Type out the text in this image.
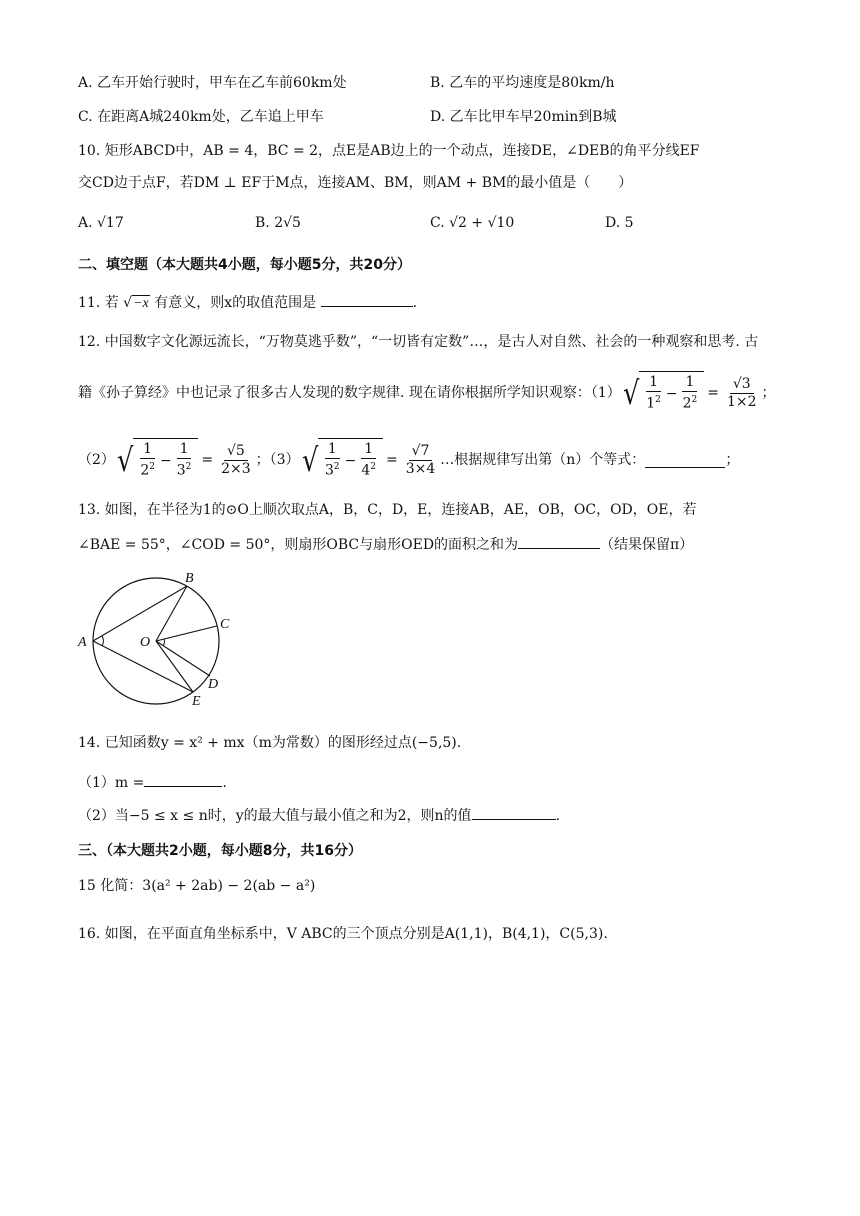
A. 乙车开始行驶时，甲车在乙车前60km处	B. 乙车的平均速度是80km/h
C. 在距离A城240km处，乙车追上甲车	D. 乙车比甲车早20min到B城
10. 矩形ABCD中，AB = 4，BC = 2，点E是AB边上的一个动点，连接DE，∠DEB的角平分线EF
交CD边于点F，若DM ⊥ EF于M点，连接AM、BM，则AM + BM的最小值是（　　）
A. √17	B. 2√5	C. √2 + √10	D. 5
二、填空题（本大题共4小题，每小题5分，共20分）
11. 若 √−x 有意义，则x的取值范围是	.
12. 中国数字文化源远流长，“万物莫逃乎数”，“一切皆有定数”…，是古人对自然、社会的一种观察和思考. 古
籍《孙子算经》中也记录了很多古人发现的数字规律. 现在请你根据所学知识观察：（1） √ $\frac{1}{1^2} - \frac{1}{2^2} = \frac{√3}{1\times 2}$ ；
（2） √ $\frac{1}{2^2} - \frac{1}{3^2} = \frac{√5}{2\times 3}$ ；（3） √ $\frac{1}{3^2} - \frac{1}{4^2} = \frac{√7}{3\times 4}$ …根据规律写出第（n）个等式：	；
13. 如图，在半径为1的⊙O上顺次取点A，B，C，D，E，连接AB，AE，OB，OC，OD，OE，若
∠BAE = 55°，∠COD = 50°，则扇形OBC与扇形OED的面积之和为	（结果保留π）
A
B
C
D
E
O
14. 已知函数y = x² + mx（m为常数）的图形经过点(−5,5).
（1）m =	.
（2）当−5 ≤ x ≤ n时，y的最大值与最小值之和为2，则n的值	.
三、（本大题共2小题，每小题8分，共16分）
15 化简：3(a² + 2ab) − 2(ab − a²)
16. 如图，在平面直角坐标系中，V ABC的三个顶点分别是A(1,1)，B(4,1)，C(5,3).
